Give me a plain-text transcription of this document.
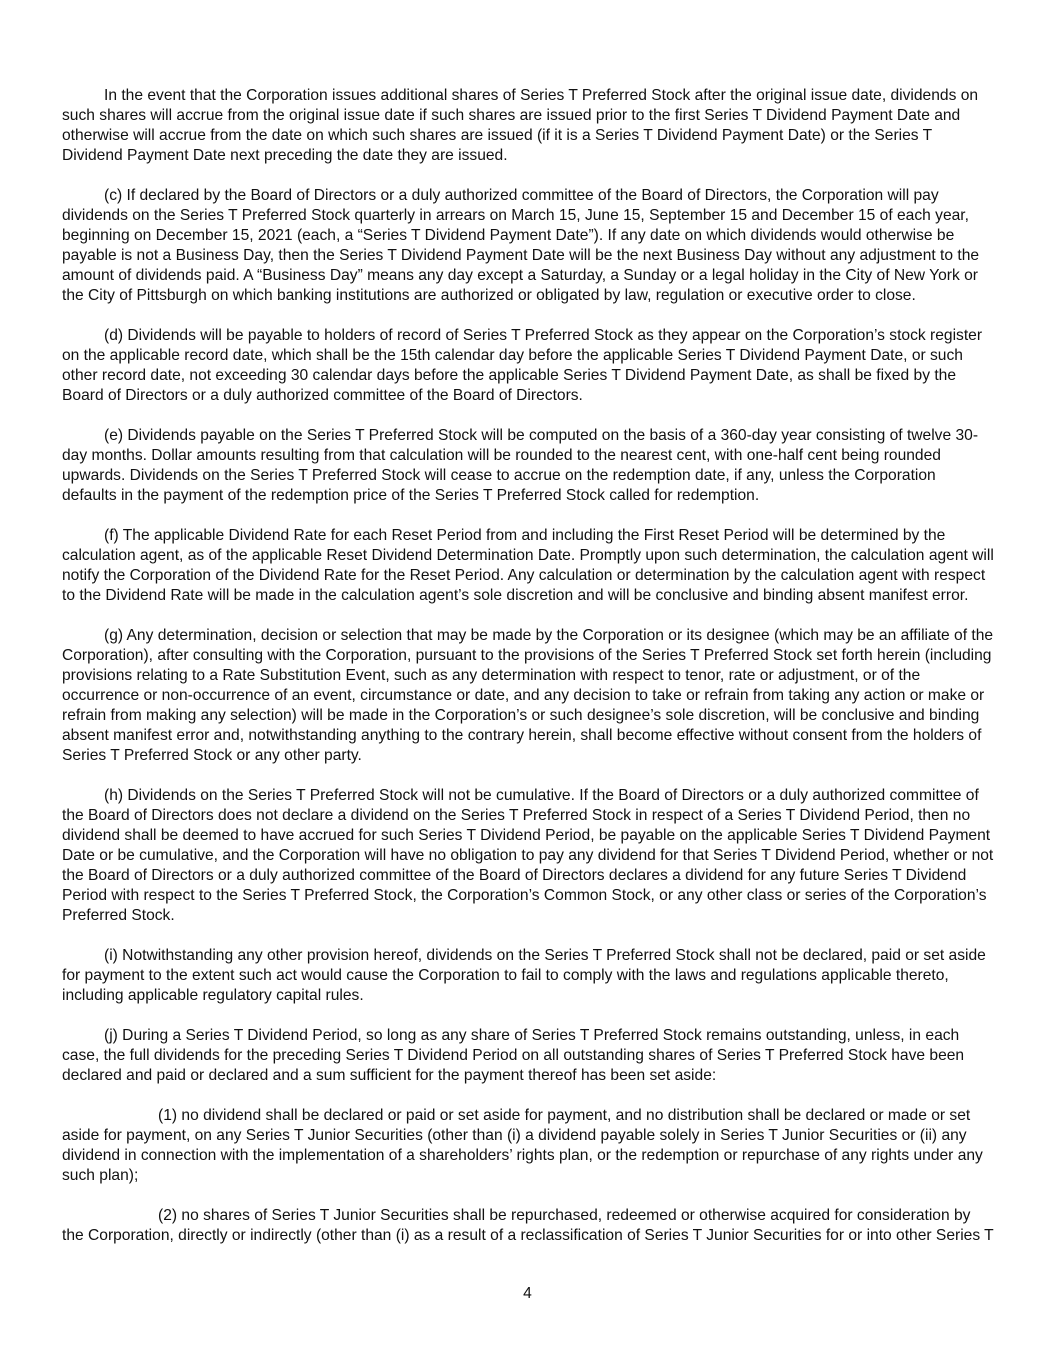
In the event that the Corporation issues additional shares of Series T Preferred Stock after the original issue date, dividends on such shares will accrue from the original issue date if such shares are issued prior to the first Series T Dividend Payment Date and otherwise will accrue from the date on which such shares are issued (if it is a Series T Dividend Payment Date) or the Series T Dividend Payment Date next preceding the date they are issued.

(c) If declared by the Board of Directors or a duly authorized committee of the Board of Directors, the Corporation will pay dividends on the Series T Preferred Stock quarterly in arrears on March 15, June 15, September 15 and December 15 of each year, beginning on December 15, 2021 (each, a “Series T Dividend Payment Date”). If any date on which dividends would otherwise be payable is not a Business Day, then the Series T Dividend Payment Date will be the next Business Day without any adjustment to the amount of dividends paid. A “Business Day” means any day except a Saturday, a Sunday or a legal holiday in the City of New York or the City of Pittsburgh on which banking institutions are authorized or obligated by law, regulation or executive order to close.

(d) Dividends will be payable to holders of record of Series T Preferred Stock as they appear on the Corporation’s stock register on the applicable record date, which shall be the 15th calendar day before the applicable Series T Dividend Payment Date, or such other record date, not exceeding 30 calendar days before the applicable Series T Dividend Payment Date, as shall be fixed by the Board of Directors or a duly authorized committee of the Board of Directors.

(e) Dividends payable on the Series T Preferred Stock will be computed on the basis of a 360-day year consisting of twelve 30-day months. Dollar amounts resulting from that calculation will be rounded to the nearest cent, with one-half cent being rounded upwards. Dividends on the Series T Preferred Stock will cease to accrue on the redemption date, if any, unless the Corporation defaults in the payment of the redemption price of the Series T Preferred Stock called for redemption.

(f) The applicable Dividend Rate for each Reset Period from and including the First Reset Period will be determined by the calculation agent, as of the applicable Reset Dividend Determination Date. Promptly upon such determination, the calculation agent will notify the Corporation of the Dividend Rate for the Reset Period. Any calculation or determination by the calculation agent with respect to the Dividend Rate will be made in the calculation agent’s sole discretion and will be conclusive and binding absent manifest error.

(g) Any determination, decision or selection that may be made by the Corporation or its designee (which may be an affiliate of the Corporation), after consulting with the Corporation, pursuant to the provisions of the Series T Preferred Stock set forth herein (including provisions relating to a Rate Substitution Event, such as any determination with respect to tenor, rate or adjustment, or of the occurrence or non-occurrence of an event, circumstance or date, and any decision to take or refrain from taking any action or make or refrain from making any selection) will be made in the Corporation’s or such designee’s sole discretion, will be conclusive and binding absent manifest error and, notwithstanding anything to the contrary herein, shall become effective without consent from the holders of Series T Preferred Stock or any other party.

(h) Dividends on the Series T Preferred Stock will not be cumulative. If the Board of Directors or a duly authorized committee of the Board of Directors does not declare a dividend on the Series T Preferred Stock in respect of a Series T Dividend Period, then no dividend shall be deemed to have accrued for such Series T Dividend Period, be payable on the applicable Series T Dividend Payment Date or be cumulative, and the Corporation will have no obligation to pay any dividend for that Series T Dividend Period, whether or not the Board of Directors or a duly authorized committee of the Board of Directors declares a dividend for any future Series T Dividend Period with respect to the Series T Preferred Stock, the Corporation’s Common Stock, or any other class or series of the Corporation’s Preferred Stock.

(i) Notwithstanding any other provision hereof, dividends on the Series T Preferred Stock shall not be declared, paid or set aside for payment to the extent such act would cause the Corporation to fail to comply with the laws and regulations applicable thereto, including applicable regulatory capital rules.

(j) During a Series T Dividend Period, so long as any share of Series T Preferred Stock remains outstanding, unless, in each case, the full dividends for the preceding Series T Dividend Period on all outstanding shares of Series T Preferred Stock have been declared and paid or declared and a sum sufficient for the payment thereof has been set aside:

(1) no dividend shall be declared or paid or set aside for payment, and no distribution shall be declared or made or set aside for payment, on any Series T Junior Securities (other than (i) a dividend payable solely in Series T Junior Securities or (ii) any dividend in connection with the implementation of a shareholders’ rights plan, or the redemption or repurchase of any rights under any such plan);

(2) no shares of Series T Junior Securities shall be repurchased, redeemed or otherwise acquired for consideration by the Corporation, directly or indirectly (other than (i) as a result of a reclassification of Series T Junior Securities for or into other Series T

4
